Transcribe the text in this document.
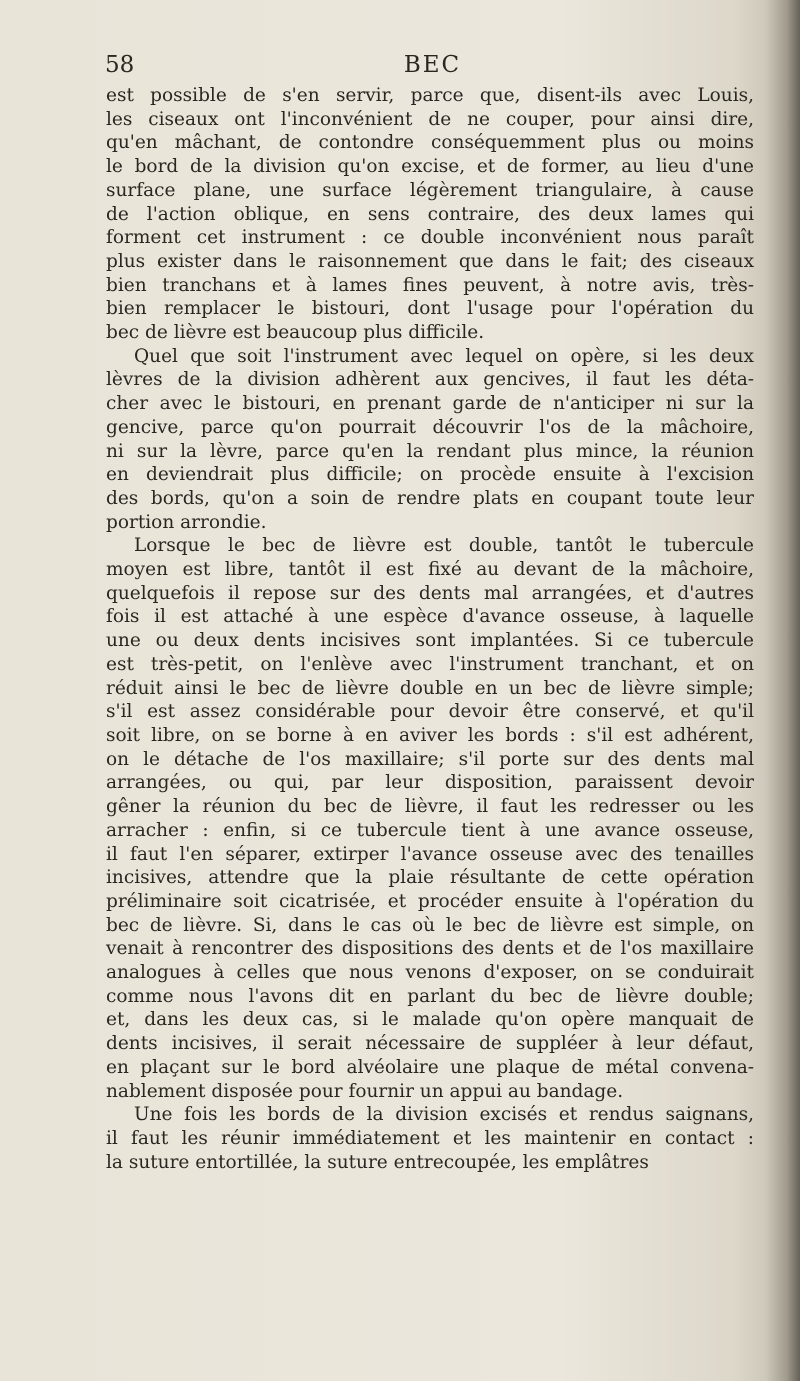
BEC
58

est possible de s'en servir, parce que, disent-ils avec Louis,
les ciseaux ont l'inconvénient de ne couper, pour ainsi dire,
qu'en mâchant, de contondre conséquemment plus ou moins
le bord de la division qu'on excise, et de former, au lieu d'une
surface plane, une surface légèrement triangulaire, à cause
de l'action oblique, en sens contraire, des deux lames qui
forment cet instrument : ce double inconvénient nous paraît
plus exister dans le raisonnement que dans le fait; des ciseaux
bien tranchans et à lames fines peuvent, à notre avis, très-
bien remplacer le bistouri, dont l'usage pour l'opération du
bec de lièvre est beaucoup plus difficile.

Quel que soit l'instrument avec lequel on opère, si les deux
lèvres de la division adhèrent aux gencives, il faut les déta-
cher avec le bistouri, en prenant garde de n'anticiper ni sur la
gencive, parce qu'on pourrait découvrir l'os de la mâchoire,
ni sur la lèvre, parce qu'en la rendant plus mince, la réunion
en deviendrait plus difficile; on procède ensuite à l'excision
des bords, qu'on a soin de rendre plats en coupant toute leur
portion arrondie.

Lorsque le bec de lièvre est double, tantôt le tubercule
moyen est libre, tantôt il est fixé au devant de la mâchoire,
quelquefois il repose sur des dents mal arrangées, et d'autres
fois il est attaché à une espèce d'avance osseuse, à laquelle
une ou deux dents incisives sont implantées. Si ce tubercule
est très-petit, on l'enlève avec l'instrument tranchant, et on
réduit ainsi le bec de lièvre double en un bec de lièvre simple;
s'il est assez considérable pour devoir être conservé, et qu'il
soit libre, on se borne à en aviver les bords : s'il est adhérent,
on le détache de l'os maxillaire; s'il porte sur des dents mal
arrangées, ou qui, par leur disposition, paraissent devoir
gêner la réunion du bec de lièvre, il faut les redresser ou les
arracher : enfin, si ce tubercule tient à une avance osseuse,
il faut l'en séparer, extirper l'avance osseuse avec des tenailles
incisives, attendre que la plaie résultante de cette opération
préliminaire soit cicatrisée, et procéder ensuite à l'opération du
bec de lièvre. Si, dans le cas où le bec de lièvre est simple, on
venait à rencontrer des dispositions des dents et de l'os maxillaire
analogues à celles que nous venons d'exposer, on se conduirait
comme nous l'avons dit en parlant du bec de lièvre double;
et, dans les deux cas, si le malade qu'on opère manquait de
dents incisives, il serait nécessaire de suppléer à leur défaut,
en plaçant sur le bord alvéolaire une plaque de métal convena-
nablement disposée pour fournir un appui au bandage.

Une fois les bords de la division excisés et rendus saignans,
il faut les réunir immédiatement et les maintenir en contact :
la suture entortillée, la suture entrecoupée, les emplâtres
